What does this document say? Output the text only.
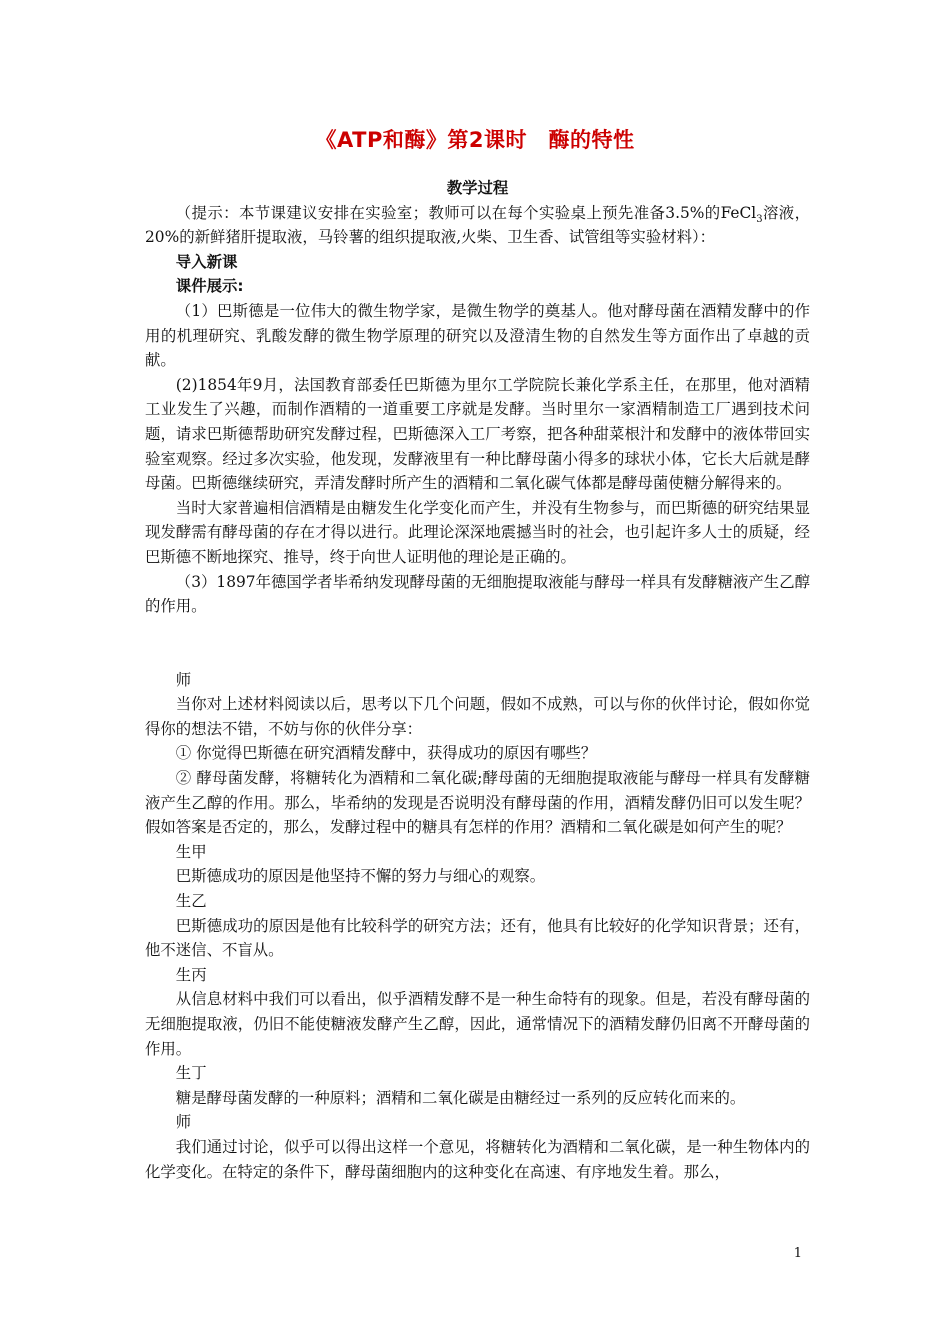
《ATP和酶》第2课时　酶的特性

教学过程

（提示：本节课建议安排在实验室；教师可以在每个实验桌上预先准备3.5%的FeCl$_3$溶液，20%的新鲜猪肝提取液，马铃薯的组织提取液,火柴、卫生香、试管组等实验材料）：

导入新课

课件展示:

（1）巴斯德是一位伟大的微生物学家，是微生物学的奠基人。他对酵母菌在酒精发酵中的作用的机理研究、乳酸发酵的微生物学原理的研究以及澄清生物的自然发生等方面作出了卓越的贡献。

(2)1854年9月，法国教育部委任巴斯德为里尔工学院院长兼化学系主任，在那里，他对酒精工业发生了兴趣，而制作酒精的一道重要工序就是发酵。当时里尔一家酒精制造工厂遇到技术问题，请求巴斯德帮助研究发酵过程，巴斯德深入工厂考察，把各种甜菜根汁和发酵中的液体带回实验室观察。经过多次实验，他发现，发酵液里有一种比酵母菌小得多的球状小体，它长大后就是酵母菌。巴斯德继续研究，弄清发酵时所产生的酒精和二氧化碳气体都是酵母菌使糖分解得来的。

当时大家普遍相信酒精是由糖发生化学变化而产生，并没有生物参与，而巴斯德的研究结果显现发酵需有酵母菌的存在才得以进行。此理论深深地震撼当时的社会，也引起许多人士的质疑，经巴斯德不断地探究、推导，终于向世人证明他的理论是正确的。

（3）1897年德国学者毕希纳发现酵母菌的无细胞提取液能与酵母一样具有发酵糖液产生乙醇的作用。

师

当你对上述材料阅读以后，思考以下几个问题，假如不成熟，可以与你的伙伴讨论，假如你觉得你的想法不错，不妨与你的伙伴分享：

① 你觉得巴斯德在研究酒精发酵中，获得成功的原因有哪些？

② 酵母菌发酵，将糖转化为酒精和二氧化碳;酵母菌的无细胞提取液能与酵母一样具有发酵糖液产生乙醇的作用。那么，毕希纳的发现是否说明没有酵母菌的作用，酒精发酵仍旧可以发生呢？假如答案是否定的，那么，发酵过程中的糖具有怎样的作用？酒精和二氧化碳是如何产生的呢？

生甲

巴斯德成功的原因是他坚持不懈的努力与细心的观察。

生乙

巴斯德成功的原因是他有比较科学的研究方法；还有，他具有比较好的化学知识背景；还有，他不迷信、不盲从。

生丙

从信息材料中我们可以看出，似乎酒精发酵不是一种生命特有的现象。但是，若没有酵母菌的无细胞提取液，仍旧不能使糖液发酵产生乙醇，因此，通常情况下的酒精发酵仍旧离不开酵母菌的作用。

生丁

糖是酵母菌发酵的一种原料；酒精和二氧化碳是由糖经过一系列的反应转化而来的。

师

我们通过讨论，似乎可以得出这样一个意见，将糖转化为酒精和二氧化碳，是一种生物体内的化学变化。在特定的条件下，酵母菌细胞内的这种变化在高速、有序地发生着。那么，

1
